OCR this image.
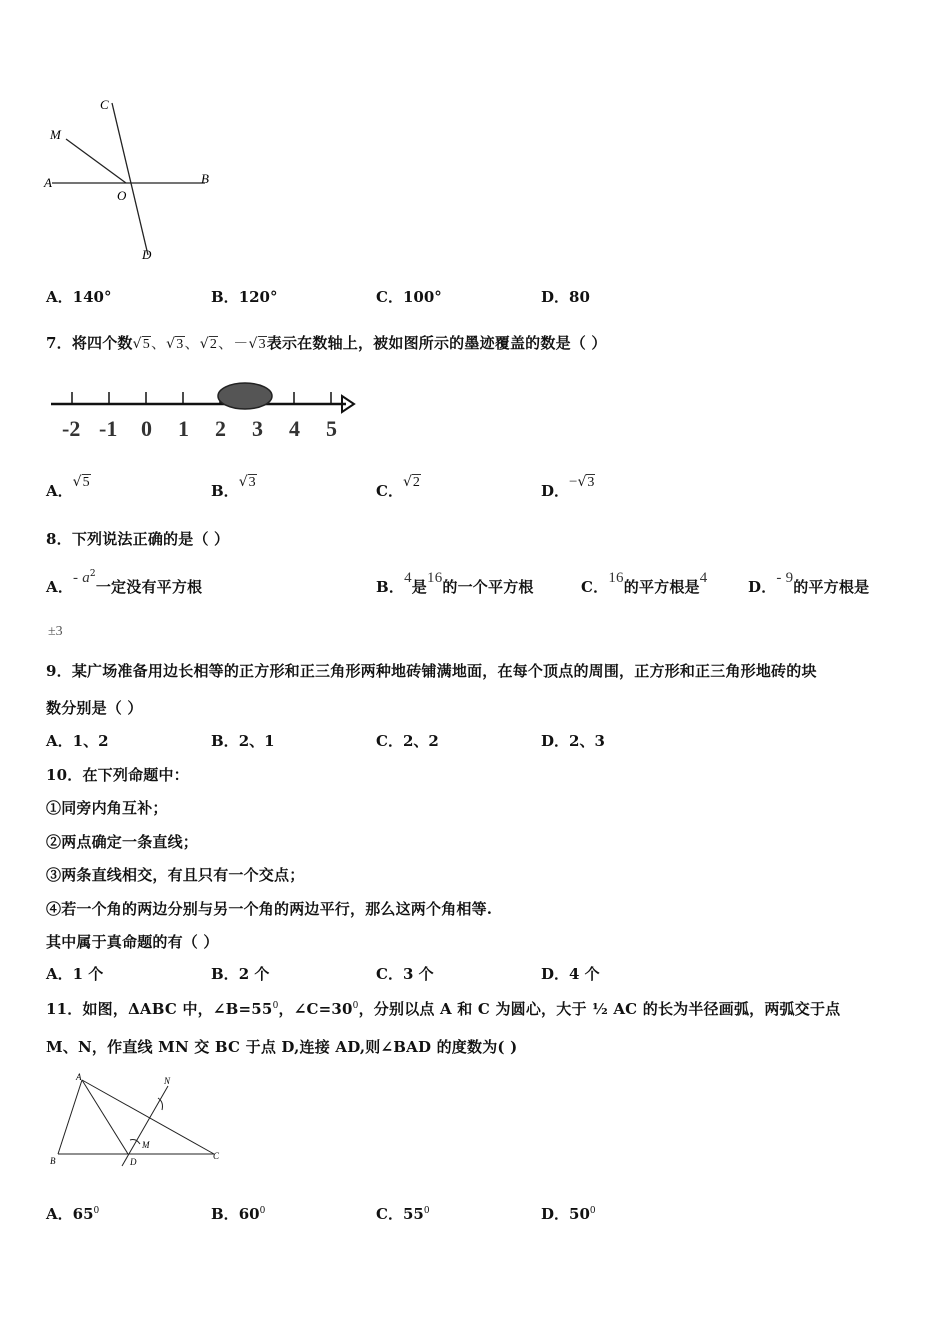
C
M
A	B
O
D
A．140°	B．120°	C．100°	D．80
7．将四个数√5、√3、√2、－√3表示在数轴上，被如图所示的墨迹覆盖的数是（ ）
-2 -1 0 1 2 3 4 5
A．√5	B．√3	C．√2	D．−√3
8．下列说法正确的是（ ）
A．- $a^2$一定没有平方根	B．4是16的一个平方根	C．16的平方根是4	D．- 9的平方根是
±3
9．某广场准备用边长相等的正方形和正三角形两种地砖铺满地面，在每个顶点的周围，正方形和正三角形地砖的块
数分别是（ ）
A．1、2	B．2、1	C．2、2	D．2、3
10．在下列命题中：
①同旁内角互补；
②两点确定一条直线；
③两条直线相交，有且只有一个交点；
④若一个角的两边分别与另一个角的两边平行，那么这两个角相等.
其中属于真命题的有（ ）
A．1 个	B．2 个	C．3 个	D．4 个
11．如图，ΔABC 中，$\angle B=55^0$，$\angle C=30^0$，分别以点 A 和 C 为圆心，大于 ½ AC 的长为半径画弧，两弧交于点
M、N，作直线 MN 交 BC 于点 D,连接 AD,则∠BAD 的度数为( )
A
B	C
D
M
N
A．$65^0$	B．$60^0$	C．$55^0$	D．$50^0$
